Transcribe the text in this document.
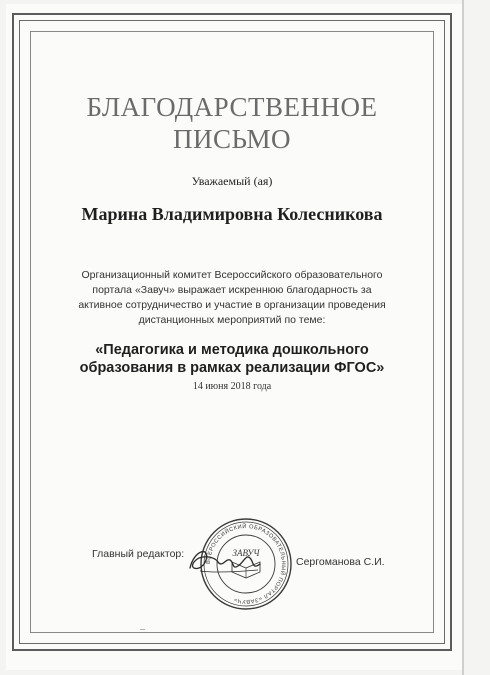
БЛАГОДАРСТВЕННОЕ
ПИСЬМО
Уважаемый (ая)
Марина Владимировна Колесникова
Организационный комитет Всероссийского образовательного
портала «Завуч» выражает искреннюю благодарность за
активное сотрудничество и участие в организации проведения
дистанционных мероприятий по теме:
«Педагогика и методика дошкольного
образования в рамках реализации ФГОС»
14 июня 2018 года
Главный редактор:
ВСЕРОССИЙСКИЙ ОБРАЗОВАТЕЛЬНЫЙ ПОРТАЛ «ЗАВУЧ»
ЗАВУЧ
Сергоманова С.И.
–
